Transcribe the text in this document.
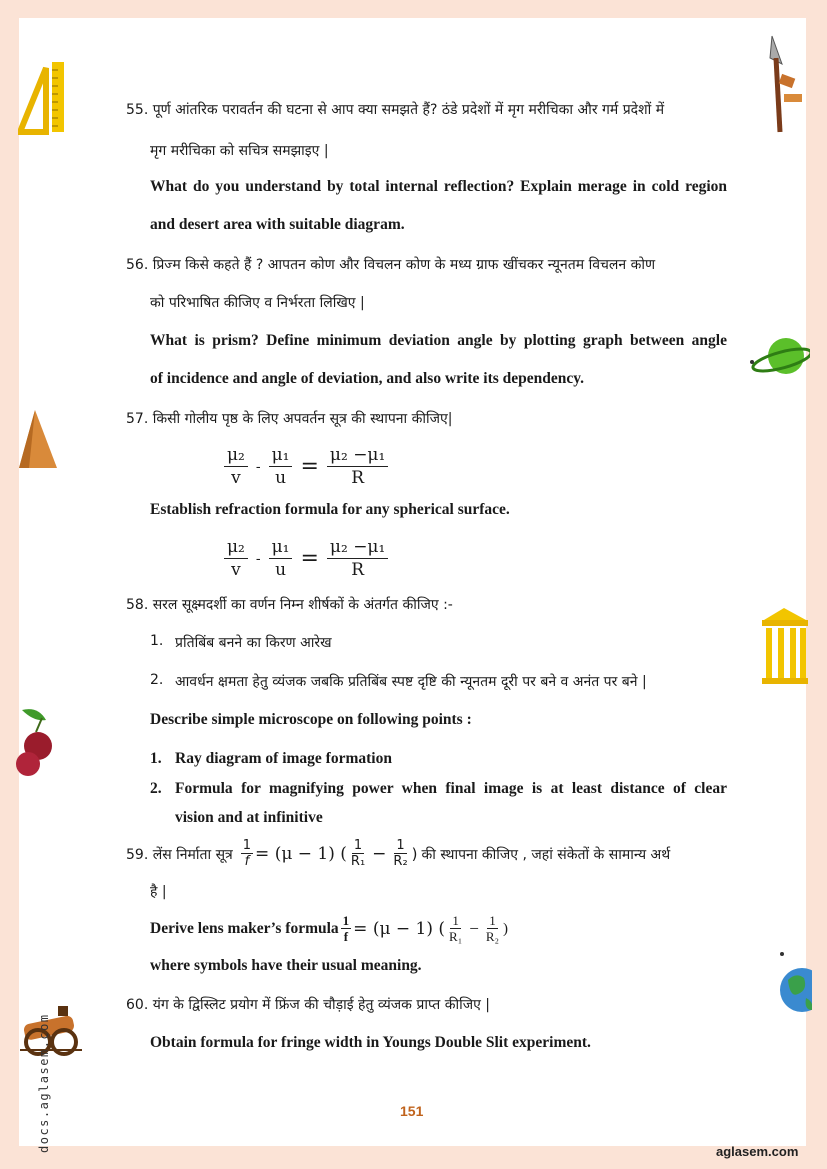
55. पूर्ण आंतरिक परावर्तन की घटना से आप क्या समझते हैं? ठंडे प्रदेशों में मृग मरीचिका और गर्म प्रदेशों में
मृग मरीचिका को सचित्र समझाइए |
What do you understand by total internal reflection? Explain merage in cold region
and desert area with suitable diagram.
56. प्रिज्म किसे कहते हैं ? आपतन कोण और विचलन कोण के मध्य ग्राफ खींचकर न्यूनतम विचलन कोण
को परिभाषित कीजिए व निर्भरता लिखिए |
What is prism? Define minimum deviation angle by plotting graph between angle
of incidence and angle of deviation, and also write its dependency.
57. किसी गोलीय पृष्ठ के लिए अपवर्तन सूत्र की स्थापना कीजिए|
$\frac{\text{μ₂}}{v} - \frac{\text{μ₁}}{u} = \frac{\text{μ₂ −μ₁}}{R}$
Establish refraction formula for any spherical surface.
$\frac{\text{μ₂}}{v} - \frac{\text{μ₁}}{u} = \frac{\text{μ₂ −μ₁}}{R}$
58. सरल सूक्ष्मदर्शी का वर्णन निम्न शीर्षकों के अंतर्गत कीजिए :-
1. प्रतिबिंब बनने का किरण आरेख
2. आवर्धन क्षमता हेतु व्यंजक जबकि प्रतिबिंब स्पष्ट दृष्टि की न्यूनतम दूरी पर बने व अनंत पर बने |
Describe simple microscope on following points :
1. Ray diagram of image formation
2. Formula for magnifying power when final image is at least distance of clear
vision and at infinitive
59. लेंस निर्माता सूत्र $\frac{1}{f} = (\mu - 1)$ ( $\frac{1}{\text{R₁}} - \frac{1}{\text{R₂}}$ ) की स्थापना कीजिए , जहां संकेतों के सामान्य अर्थ
है |
Derive lens maker’s formula $\frac{1}{f} = (\mu - 1)$ ( $\frac{1}{\text{R₁}} - \frac{1}{\text{R₂}}$ )
where symbols have their usual meaning.
60. यंग के द्विस्लिट प्रयोग में फ्रिंज की चौड़ाई हेतु व्यंजक प्राप्त कीजिए |
Obtain formula for fringe width in Youngs Double Slit experiment.
151
aglasem.com
docs.aglasem.com
